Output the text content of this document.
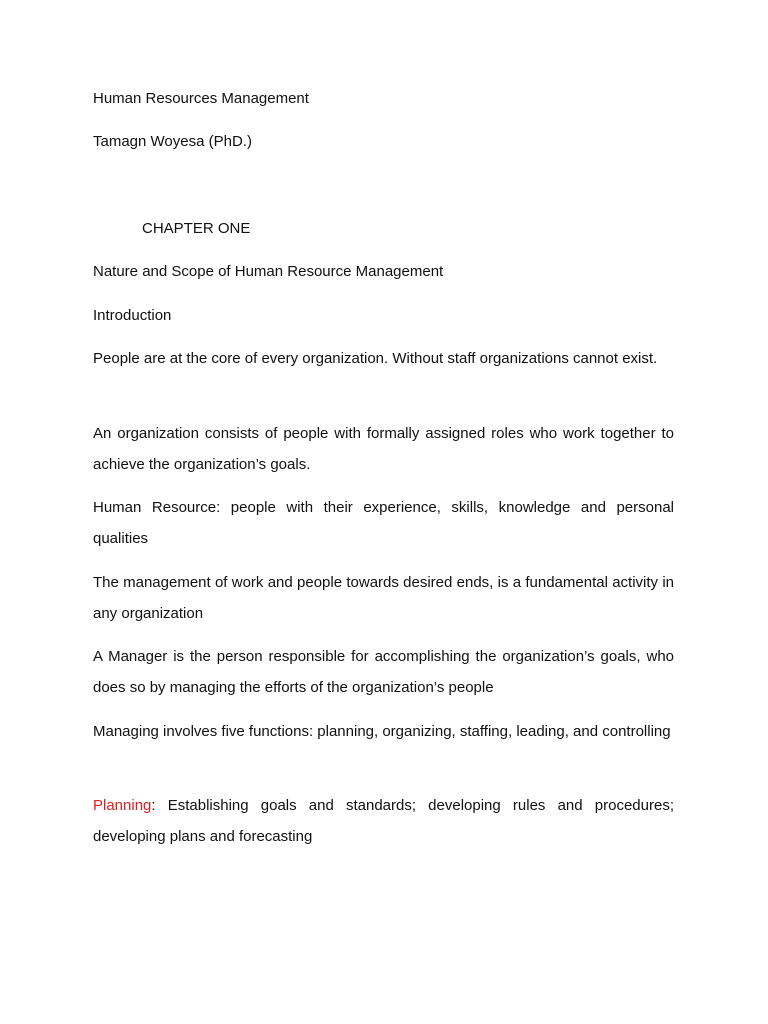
Human Resources Management
Tamagn Woyesa (PhD.)
CHAPTER ONE
Nature and Scope of Human Resource Management
Introduction

People are at the core of every organization. Without staff organizations cannot exist.

An organization consists of people with formally assigned roles who work together to achieve the organization’s goals.

Human Resource: people with their experience, skills, knowledge and personal qualities

The management of work and people towards desired ends, is a fundamental activity in any organization

A Manager is the person responsible for accomplishing the organization’s goals, who does so by managing the efforts of the organization’s people

Managing involves five functions: planning, organizing, staffing, leading, and controlling

Planning: Establishing goals and standards; developing rules and procedures; developing plans and forecasting
